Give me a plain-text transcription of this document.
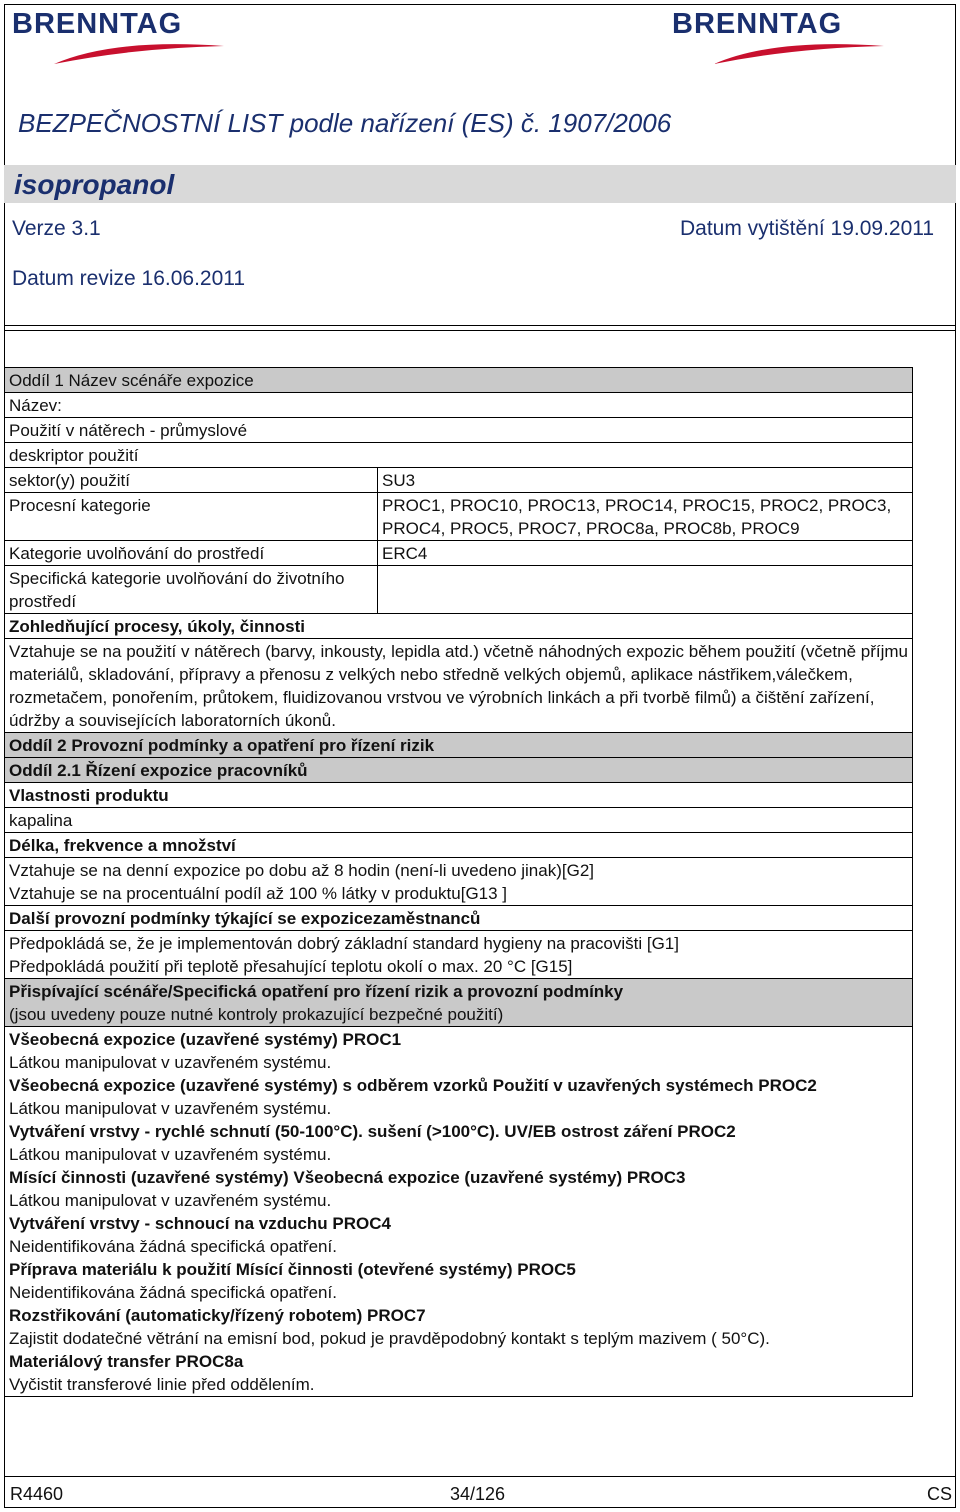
BRENNTAG	BRENNTAG
BEZPEČNOSTNÍ LIST podle nařízení (ES) č. 1907/2006
isopropanol
Verze 3.1	Datum vytištění 19.09.2011
Datum revize 16.06.2011
Oddíl 1 Název scénáře expozice
Název:
Použití v nátěrech - průmyslové
deskriptor použití
sektor(y) použití	SU3
Procesní kategorie	PROC1, PROC10, PROC13, PROC14, PROC15, PROC2, PROC3, PROC4, PROC5, PROC7, PROC8a, PROC8b, PROC9
Kategorie uvolňování do prostředí	ERC4
Specifická kategorie uvolňování do životního prostředí
Zohledňující procesy, úkoly, činnosti
Vztahuje se na použití v nátěrech (barvy, inkousty, lepidla atd.) včetně náhodných expozic během použití (včetně příjmu materiálů, skladování, přípravy a přenosu z velkých nebo středně velkých objemů, aplikace nástřikem,válečkem, rozmetačem, ponořením, průtokem, fluidizovanou vrstvou ve výrobních linkách a při tvorbě filmů) a čištění zařízení, údržby a souvisejících laboratorních úkonů.
Oddíl 2 Provozní podmínky a opatření pro řízení rizik
Oddíl 2.1 Řízení expozice pracovníků
Vlastnosti produktu
kapalina
Délka, frekvence a množství
Vztahuje se na denní expozice po dobu až 8 hodin (není-li uvedeno jinak)[G2]
Vztahuje se na procentuální podíl až 100 % látky v produktu[G13 ]
Další provozní podmínky týkající se expozicezaměstnanců
Předpokládá se, že je implementován dobrý základní standard hygieny na pracovišti [G1]
Předpokládá použití při teplotě přesahující teplotu okolí o max. 20 °C [G15]
Přispívající scénáře/Specifická opatření pro řízení rizik a provozní podmínky
(jsou uvedeny pouze nutné kontroly prokazující bezpečné použití)
Všeobecná expozice (uzavřené systémy) PROC1
Látkou manipulovat v uzavřeném systému.
Všeobecná expozice (uzavřené systémy) s odběrem vzorků Použití v uzavřených systémech PROC2
Látkou manipulovat v uzavřeném systému.
Vytváření vrstvy - rychlé schnutí (50-100°C). sušení (>100°C). UV/EB ostrost záření PROC2
Látkou manipulovat v uzavřeném systému.
Mísící činnosti (uzavřené systémy) Všeobecná expozice (uzavřené systémy) PROC3
Látkou manipulovat v uzavřeném systému.
Vytváření vrstvy - schnoucí na vzduchu PROC4
Neidentifikována žádná specifická opatření.
Příprava materiálu k použití Mísící činnosti (otevřené systémy) PROC5
Neidentifikována žádná specifická opatření.
Rozstřikování (automaticky/řízený robotem) PROC7
Zajistit dodatečné větrání na emisní bod, pokud je pravděpodobný kontakt s teplým mazivem ( 50°C).
Materiálový transfer PROC8a
Vyčistit transferové linie před oddělením.
R4460	34/126	CS
